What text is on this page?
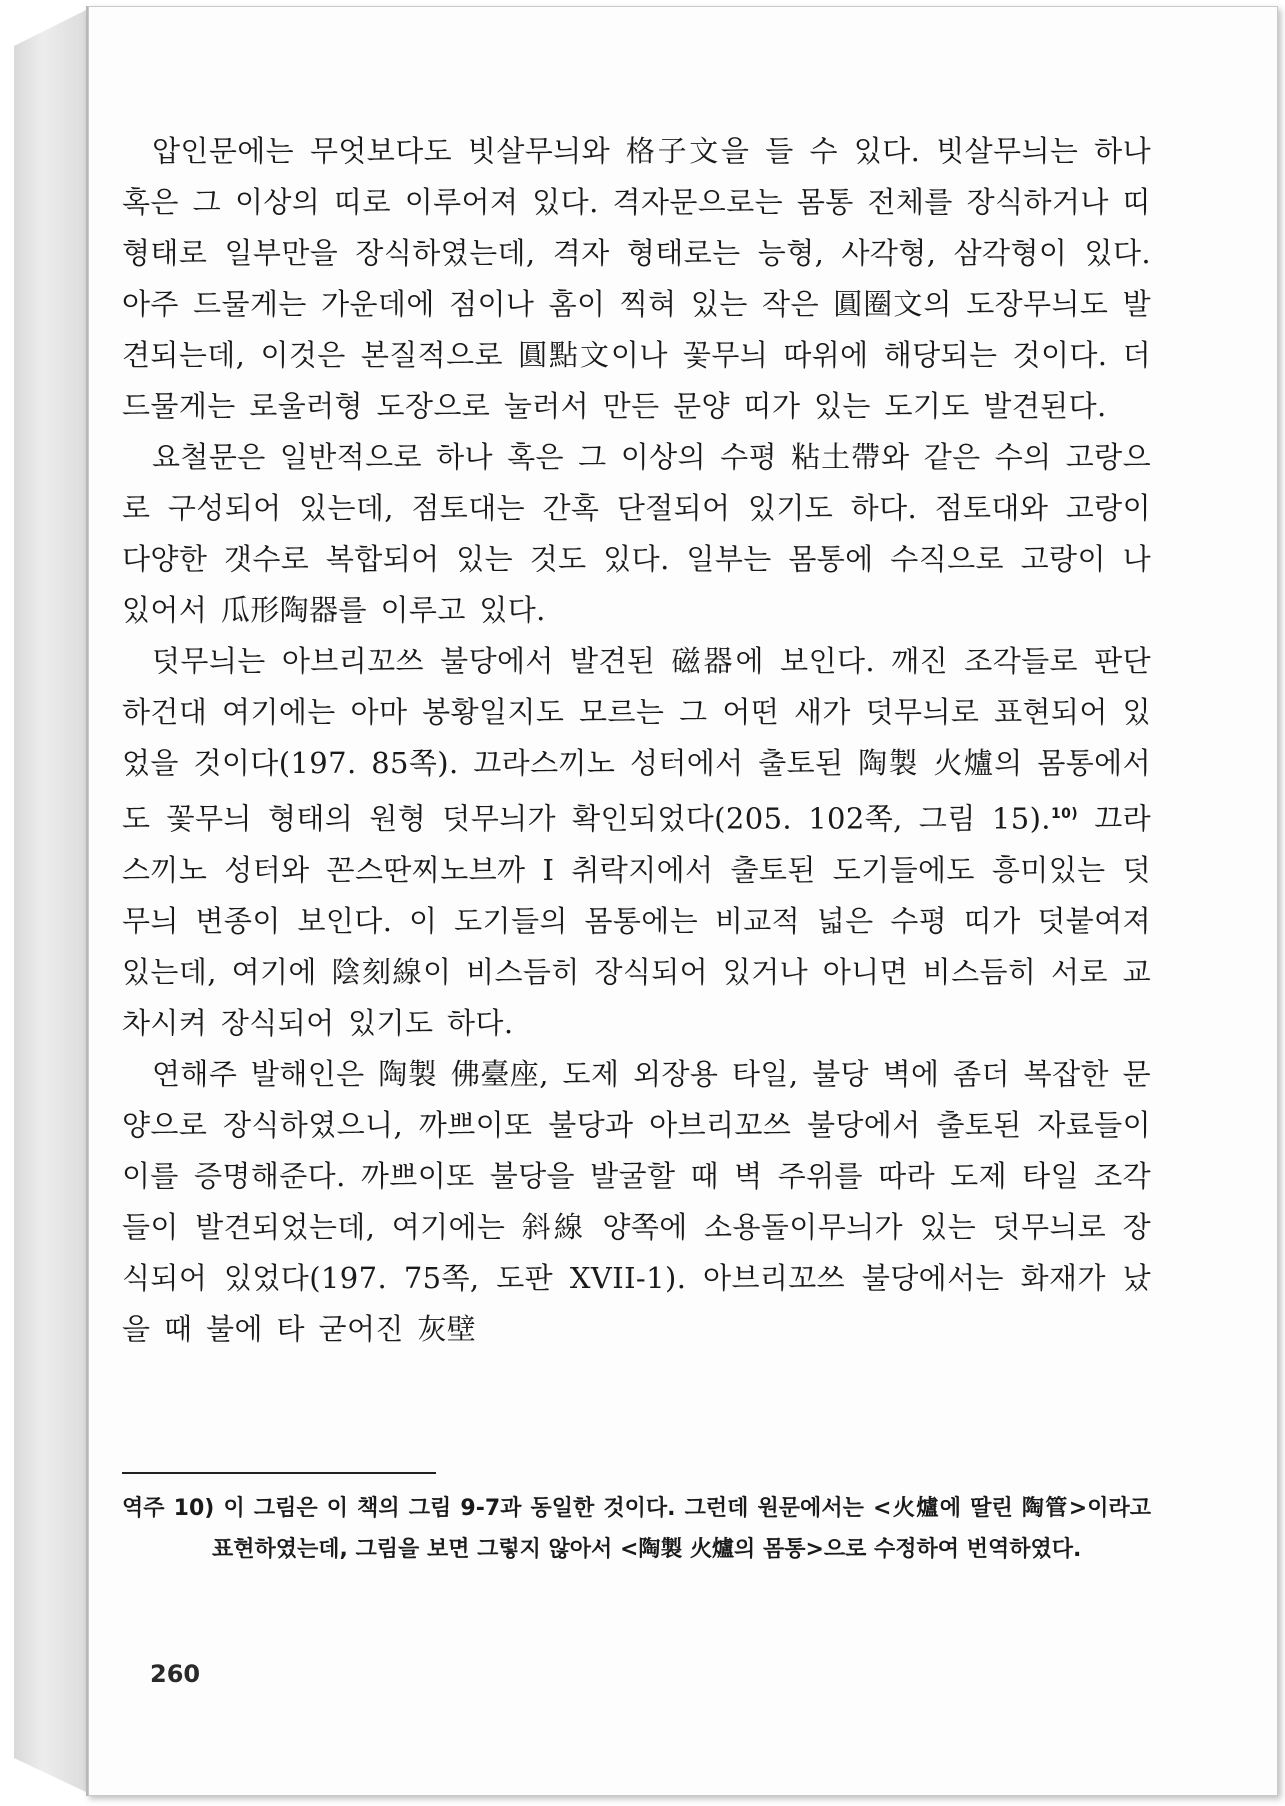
압인문에는 무엇보다도 빗살무늬와 格子文을 들 수 있다. 빗살무늬는 하나 혹은 그 이상의 띠로 이루어져 있다. 격자문으로는 몸통 전체를 장식하거나 띠 형태로 일부만을 장식하였는데, 격자 형태로는 능형, 사각형, 삼각형이 있다. 아주 드물게는 가운데에 점이나 홈이 찍혀 있는 작은 圓圈文의 도장무늬도 발견되는데, 이것은 본질적으로 圓點文이나 꽃무늬 따위에 해당되는 것이다. 더 드물게는 로울러형 도장으로 눌러서 만든 문양 띠가 있는 도기도 발견된다.

요철문은 일반적으로 하나 혹은 그 이상의 수평 粘土帶와 같은 수의 고랑으로 구성되어 있는데, 점토대는 간혹 단절되어 있기도 하다. 점토대와 고랑이 다양한 갯수로 복합되어 있는 것도 있다. 일부는 몸통에 수직으로 고랑이 나 있어서 瓜形陶器를 이루고 있다.

덧무늬는 아브리꼬쓰 불당에서 발견된 磁器에 보인다. 깨진 조각들로 판단하건대 여기에는 아마 봉황일지도 모르는 그 어떤 새가 덧무늬로 표현되어 있었을 것이다(197. 85쪽). 끄라스끼노 성터에서 출토된 陶製 火爐의 몸통에서도 꽃무늬 형태의 원형 덧무늬가 확인되었다(205. 102쪽, 그림 15).$^{10)}$ 끄라스끼노 성터와 꼰스딴찌노브까 I 취락지에서 출토된 도기들에도 흥미있는 덧무늬 변종이 보인다. 이 도기들의 몸통에는 비교적 넓은 수평 띠가 덧붙여져 있는데, 여기에 陰刻線이 비스듬히 장식되어 있거나 아니면 비스듬히 서로 교차시켜 장식되어 있기도 하다.

연해주 발해인은 陶製 佛臺座, 도제 외장용 타일, 불당 벽에 좀더 복잡한 문양으로 장식하였으니, 까쁘이또 불당과 아브리꼬쓰 불당에서 출토된 자료들이 이를 증명해준다. 까쁘이또 불당을 발굴할 때 벽 주위를 따라 도제 타일 조각들이 발견되었는데, 여기에는 斜線 양쪽에 소용돌이무늬가 있는 덧무늬로 장식되어 있었다(197. 75쪽, 도판 XVII-1). 아브리꼬쓰 불당에서는 화재가 났을 때 불에 타 굳어진 灰壁

역주 10) 이 그림은 이 책의 그림 9-7과 동일한 것이다. 그런데 원문에서는 <火爐에 딸린 陶管>이라고 표현하였는데, 그림을 보면 그렇지 않아서 <陶製 火爐의 몸통>으로 수정하여 번역하였다.
260
